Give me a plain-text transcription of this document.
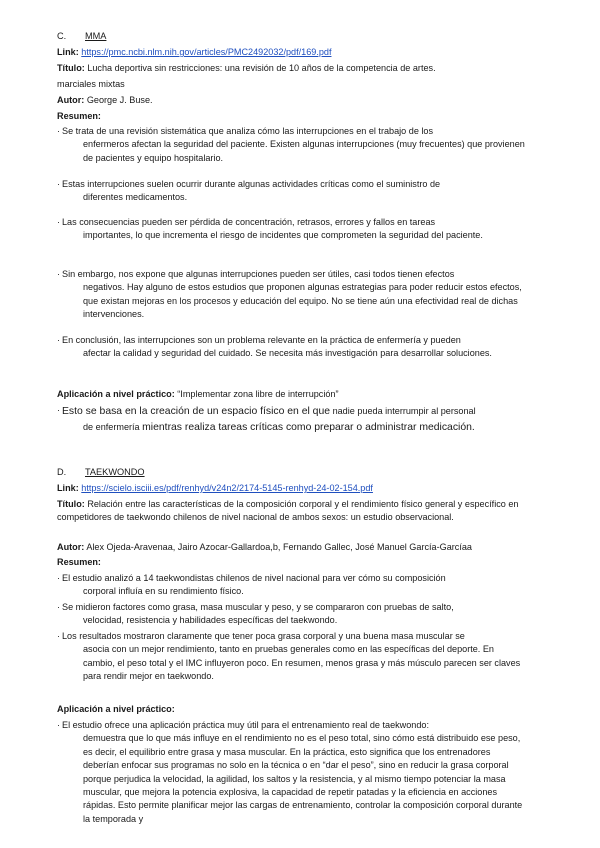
C. MMA
Link: https://pmc.ncbi.nlm.nih.gov/articles/PMC2492032/pdf/169.pdf
Título: Lucha deportiva sin restricciones: una revisión de 10 años de la competencia de artes.
marciales mixtas
Autor: George J. Buse.
Resumen:
· Se trata de una revisión sistemática que analiza cómo las interrupciones en el trabajo de los
enfermeros afectan la seguridad del paciente. Existen algunas interrupciones (muy frecuentes) que provienen de pacientes y equipo hospitalario.
· Estas interrupciones suelen ocurrir durante algunas actividades críticas como el suministro de
diferentes medicamentos.
· Las consecuencias pueden ser pérdida de concentración, retrasos, errores y fallos en tareas
importantes, lo que incrementa el riesgo de incidentes que comprometen la seguridad del paciente.
· Sin embargo, nos expone que algunas interrupciones pueden ser útiles, casi todos tienen efectos
negativos. Hay alguno de estos estudios que proponen algunas estrategias para poder reducir estos efectos, que existan mejoras en los procesos y educación del equipo. No se tiene aún una efectividad real de dichas intervenciones.
· En conclusión, las interrupciones son un problema relevante en la práctica de enfermería y pueden
afectar la calidad y seguridad del cuidado. Se necesita más investigación para desarrollar soluciones.
Aplicación a nivel práctico: “Implementar zona libre de interrupción”
· Esto se basa en la creación de un espacio físico en el que nadie pueda interrumpir al personal
de enfermería mientras realiza tareas críticas como preparar o administrar medicación.
D. TAEKWONDO
Link: https://scielo.isciii.es/pdf/renhyd/v24n2/2174-5145-renhyd-24-02-154.pdf
Título: Relación entre las características de la composición corporal y el rendimiento físico general y específico en competidores de taekwondo chilenos de nivel nacional de ambos sexos: un estudio observacional.
Autor: Alex Ojeda-Aravenaa, Jairo Azocar-Gallardoa,b, Fernando Gallec, José Manuel García-Garcíaa
Resumen:
· El estudio analizó a 14 taekwondistas chilenos de nivel nacional para ver cómo su composición
corporal influía en su rendimiento físico.
· Se midieron factores como grasa, masa muscular y peso, y se compararon con pruebas de salto,
velocidad, resistencia y habilidades específicas del taekwondo.
· Los resultados mostraron claramente que tener poca grasa corporal y una buena masa muscular se
asocia con un mejor rendimiento, tanto en pruebas generales como en las específicas del deporte. En cambio, el peso total y el IMC influyeron poco. En resumen, menos grasa y más músculo parecen ser claves para rendir mejor en taekwondo.
Aplicación a nivel práctico:
· El estudio ofrece una aplicación práctica muy útil para el entrenamiento real de taekwondo:
demuestra que lo que más influye en el rendimiento no es el peso total, sino cómo está distribuido ese peso, es decir, el equilibrio entre grasa y masa muscular. En la práctica, esto significa que los entrenadores deberían enfocar sus programas no solo en la técnica o en “dar el peso”, sino en reducir la grasa corporal porque perjudica la velocidad, la agilidad, los saltos y la resistencia, y al mismo tiempo potenciar la masa muscular, que mejora la potencia explosiva, la capacidad de repetir patadas y la eficiencia en acciones rápidas. Esto permite planificar mejor las cargas de entrenamiento, controlar la composición corporal durante la temporada y
